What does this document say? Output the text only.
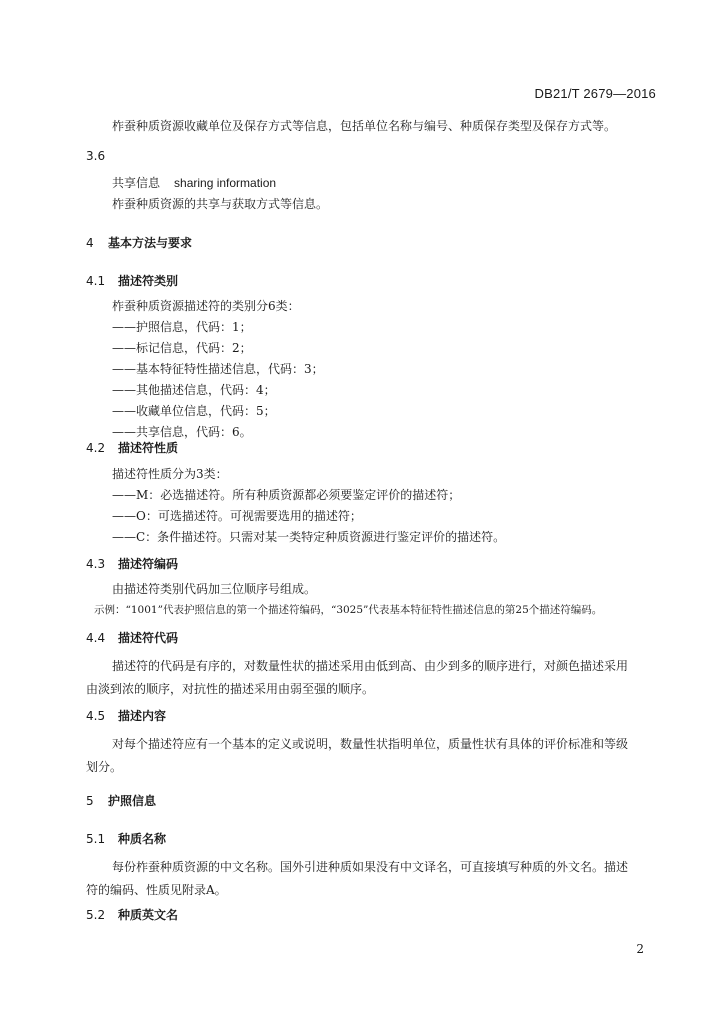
DB21/T 2679—2016

柞蚕种质资源收藏单位及保存方式等信息，包括单位名称与编号、种质保存类型及保存方式等。

3.6

共享信息 sharing information

柞蚕种质资源的共享与获取方式等信息。

4 基本方法与要求

4.1 描述符类别

柞蚕种质资源描述符的类别分6类：

——护照信息，代码：1；

——标记信息，代码：2；

——基本特征特性描述信息，代码：3；

——其他描述信息，代码：4；

——收藏单位信息，代码：5；

——共享信息，代码：6。

4.2 描述符性质

描述符性质分为3类：

——M：必选描述符。所有种质资源都必须要鉴定评价的描述符；

——O：可选描述符。可视需要选用的描述符；

——C：条件描述符。只需对某一类特定种质资源进行鉴定评价的描述符。

4.3 描述符编码

由描述符类别代码加三位顺序号组成。

示例：“1001”代表护照信息的第一个描述符编码，“3025”代表基本特征特性描述信息的第25个描述符编码。

4.4 描述符代码

描述符的代码是有序的，对数量性状的描述采用由低到高、由少到多的顺序进行，对颜色描述采用由淡到浓的顺序，对抗性的描述采用由弱至强的顺序。

4.5 描述内容

对每个描述符应有一个基本的定义或说明，数量性状指明单位，质量性状有具体的评价标准和等级划分。

5 护照信息

5.1 种质名称

每份柞蚕种质资源的中文名称。国外引进种质如果没有中文译名，可直接填写种质的外文名。描述符的编码、性质见附录A。

5.2 种质英文名

2
